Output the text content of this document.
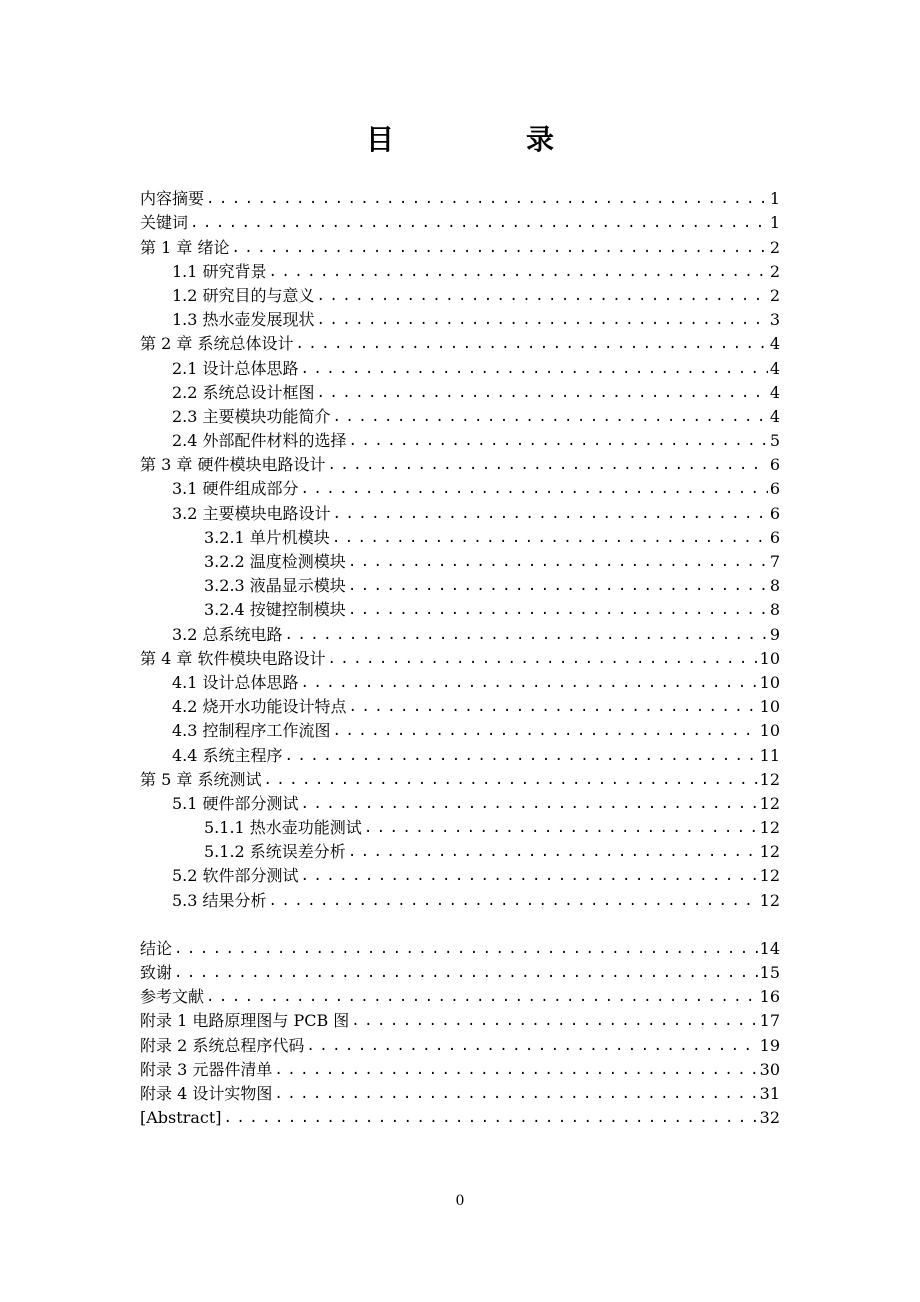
目　录
内容摘要 . . .	1
关键词 . . .	1
第 1 章 绪论 . . .	2
1.1 研究背景 . . .	2
1.2 研究目的与意义 . . .	2
1.3 热水壶发展现状 . . .	3
第 2 章 系统总体设计 . . .	4
2.1 设计总体思路 . . .	4
2.2 系统总设计框图 . . .	4
2.3 主要模块功能简介 . . .	4
2.4 外部配件材料的选择 . . .	5
第 3 章 硬件模块电路设计 . . .	6
3.1 硬件组成部分 . . .	6
3.2 主要模块电路设计 . . .	6
3.2.1 单片机模块 . . .	6
3.2.2 温度检测模块 . . .	7
3.2.3 液晶显示模块 . . .	8
3.2.4 按键控制模块 . . .	8
3.2 总系统电路 . . .	9
第 4 章 软件模块电路设计 . . .	10
4.1 设计总体思路 . . .	10
4.2 烧开水功能设计特点 . . .	10
4.3 控制程序工作流图 . . .	10
4.4 系统主程序 . . .	11
第 5 章 系统测试 . . .	12
5.1 硬件部分测试 . . .	12
5.1.1 热水壶功能测试 . . .	12
5.1.2 系统误差分析 . . .	12
5.2 软件部分测试 . . .	12
5.3 结果分析 . . .	12
结论 . . .	14
致谢 . . .	15
参考文献 . . .	16
附录 1 电路原理图与 PCB 图 . . .	17
附录 2 系统总程序代码 . . .	19
附录 3 元器件清单 . . .	30
附录 4 设计实物图 . . .	31
[Abstract] . . .	32
0
